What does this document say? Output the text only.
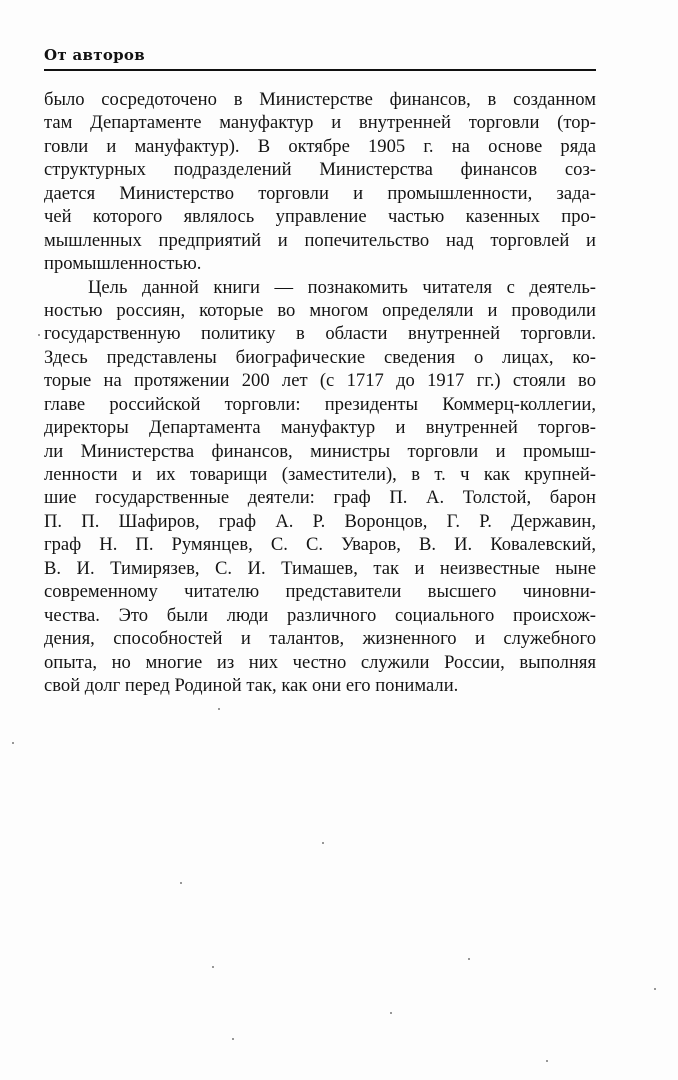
От авторов
было сосредоточено в Министерстве финансов, в созданном
там Департаменте мануфактур и внутренней торговли (тор-
говли и мануфактур). В октябре 1905 г. на основе ряда
структурных подразделений Министерства финансов соз-
дается Министерство торговли и промышленности, зада-
чей которого являлось управление частью казенных про-
мышленных предприятий и попечительство над торговлей и
промышленностью.
Цель данной книги — познакомить читателя с деятель-
ностью россиян, которые во многом определяли и проводили
государственную политику в области внутренней торговли.
Здесь представлены биографические сведения о лицах, ко-
торые на протяжении 200 лет (с 1717 до 1917 гг.) стояли во
главе российской торговли: президенты Коммерц-коллегии,
директоры Департамента мануфактур и внутренней торгов-
ли Министерства финансов, министры торговли и промыш-
ленности и их товарищи (заместители), в т. ч как крупней-
шие государственные деятели: граф П. А. Толстой, барон
П. П. Шафиров, граф А. Р. Воронцов, Г. Р. Державин,
граф Н. П. Румянцев, С. С. Уваров, В. И. Ковалевский,
В. И. Тимирязев, С. И. Тимашев, так и неизвестные ныне
современному читателю представители высшего чиновни-
чества. Это были люди различного социального происхож-
дения, способностей и талантов, жизненного и служебного
опыта, но многие из них честно служили России, выполняя
свой долг перед Родиной так, как они его понимали.
